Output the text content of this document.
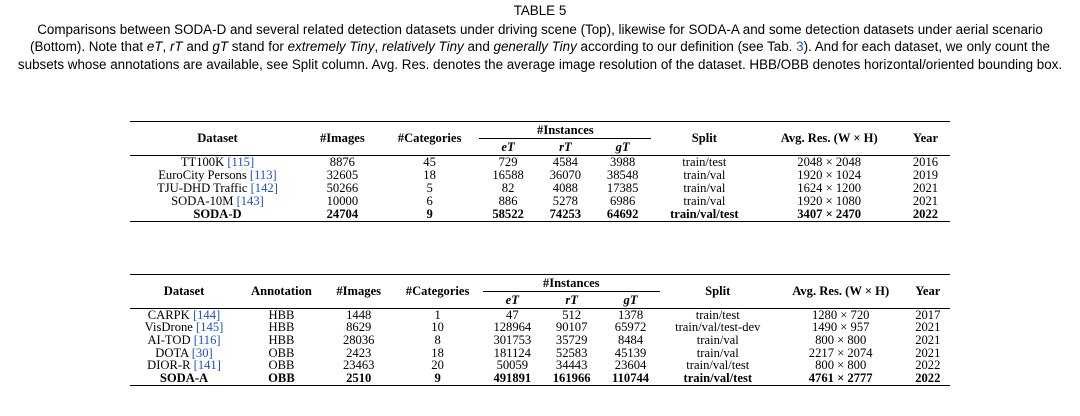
TABLE 5
Comparisons between SODA-D and several related detection datasets under driving scene (Top), likewise for SODA-A and some detection datasets under aerial scenario (Bottom). Note that eT, rT and gT stand for extremely Tiny, relatively Tiny and generally Tiny according to our definition (see Tab. 3). And for each dataset, we only count the subsets whose annotations are available, see Split column. Avg. Res. denotes the average image resolution of the dataset. HBB/OBB denotes horizontal/oriented bounding box.
Dataset	#Images	#Categories	#Instances			Split	Avg. Res. (W × H)	Year
			eT	rT	gT			
TT100K [115]	8876	45	729	4584	3988	train/test	2048 × 2048	2016
EuroCity Persons [113]	32605	18	16588	36070	38548	train/val	1920 × 1024	2019
TJU-DHD Traffic [142]	50266	5	82	4088	17385	train/val	1624 × 1200	2021
SODA-10M [143]	10000	6	886	5278	6986	train/val	1920 × 1080	2021
SODA-D	24704	9	58522	74253	64692	train/val/test	3407 × 2470	2022
Dataset	Annotation	#Images	#Categories	#Instances			Split	Avg. Res. (W × H)	Year
				eT	rT	gT			
CARPK [144]	HBB	1448	1	47	512	1378	train/test	1280 × 720	2017
VisDrone [145]	HBB	8629	10	128964	90107	65972	train/val/test-dev	1490 × 957	2021
AI-TOD [116]	HBB	28036	8	301753	35729	8484	train/val	800 × 800	2021
DOTA [30]	OBB	2423	18	181124	52583	45139	train/val	2217 × 2074	2021
DIOR-R [141]	OBB	23463	20	50059	34443	23604	train/val/test	800 × 800	2022
SODA-A	OBB	2510	9	491891	161966	110744	train/val/test	4761 × 2777	2022
